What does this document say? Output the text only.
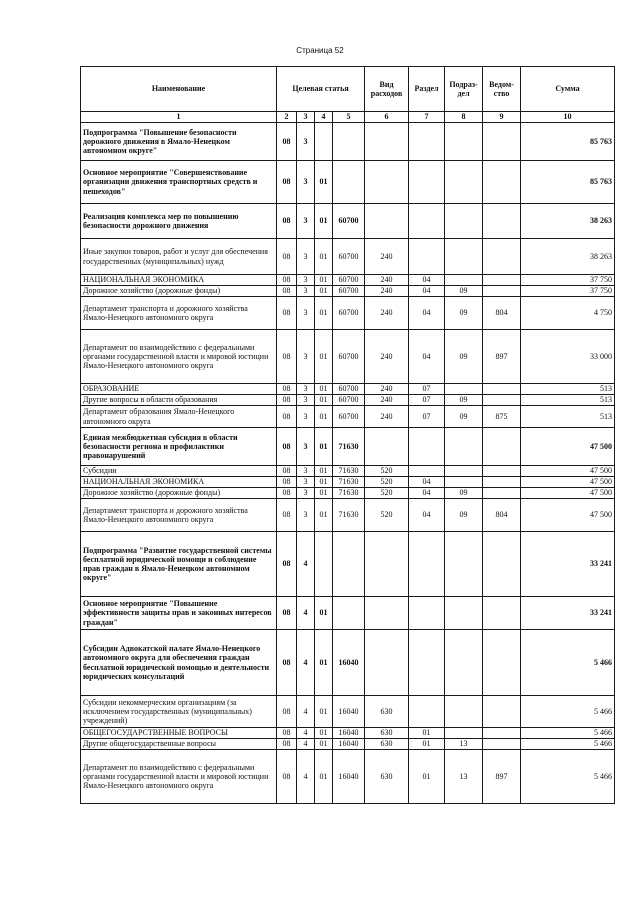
Страница 52
Наименование	Целевая статья				Вид расходов	Раздел	Подраз-дел	Ведом-ство	Сумма
1	2	3	4	5	6	7	8	9	10
Подпрограмма "Повышение безопасности дорожного движения в Ямало-Ненецком автономном округе"	08	3							85 763
Основное мероприятие "Совершенствование организации движения транспортных средств и пешеходов"	08	3	01						85 763
Реализация комплекса мер по повышению безопасности дорожного движения	08	3	01	60700					38 263
Иные закупки товаров, работ и услуг для обеспечения государственных (муниципальных) нужд	08	3	01	60700	240				38 263
НАЦИОНАЛЬНАЯ ЭКОНОМИКА	08	3	01	60700	240	04			37 750
Дорожное хозяйство (дорожные фонды)	08	3	01	60700	240	04	09		37 750
Департамент транспорта и дорожного хозяйства Ямало-Ненецкого автономного округа	08	3	01	60700	240	04	09	804	4 750
Департамент по взаимодействию с федеральными органами государственной власти и мировой юстиции Ямало-Ненецкого автономного округа	08	3	01	60700	240	04	09	897	33 000
ОБРАЗОВАНИЕ	08	3	01	60700	240	07			513
Другие вопросы в области образования	08	3	01	60700	240	07	09		513
Департамент образования Ямало-Ненецкого автономного округа	08	3	01	60700	240	07	09	875	513
Единая межбюджетная субсидия в области безопасности региона и профилактики правонарушений	08	3	01	71630					47 500
Субсидии	08	3	01	71630	520				47 500
НАЦИОНАЛЬНАЯ ЭКОНОМИКА	08	3	01	71630	520	04			47 500
Дорожное хозяйство (дорожные фонды)	08	3	01	71630	520	04	09		47 500
Департамент транспорта и дорожного хозяйства Ямало-Ненецкого автономного округа	08	3	01	71630	520	04	09	804	47 500
Подпрограмма "Развитие государственной системы бесплатной юридической помощи и соблюдение прав граждан в Ямало-Ненецком автономном округе"	08	4							33 241
Основное мероприятие "Повышение эффективности защиты прав и законных интересов граждан"	08	4	01						33 241
Субсидии Адвокатской палате Ямало-Ненецкого автономного округа для обеспечения граждан бесплатной юридической помощью и деятельности юридических консультаций	08	4	01	16040					5 466
Субсидии некоммерческим организациям (за исключением государственных (муниципальных) учреждений)	08	4	01	16040	630				5 466
ОБЩЕГОСУДАРСТВЕННЫЕ ВОПРОСЫ	08	4	01	16040	630	01			5 466
Другие общегосударственные вопросы	08	4	01	16040	630	01	13		5 466
Департамент по взаимодействию с федеральными органами государственной власти и мировой юстиции Ямало-Ненецкого автономного округа	08	4	01	16040	630	01	13	897	5 466
